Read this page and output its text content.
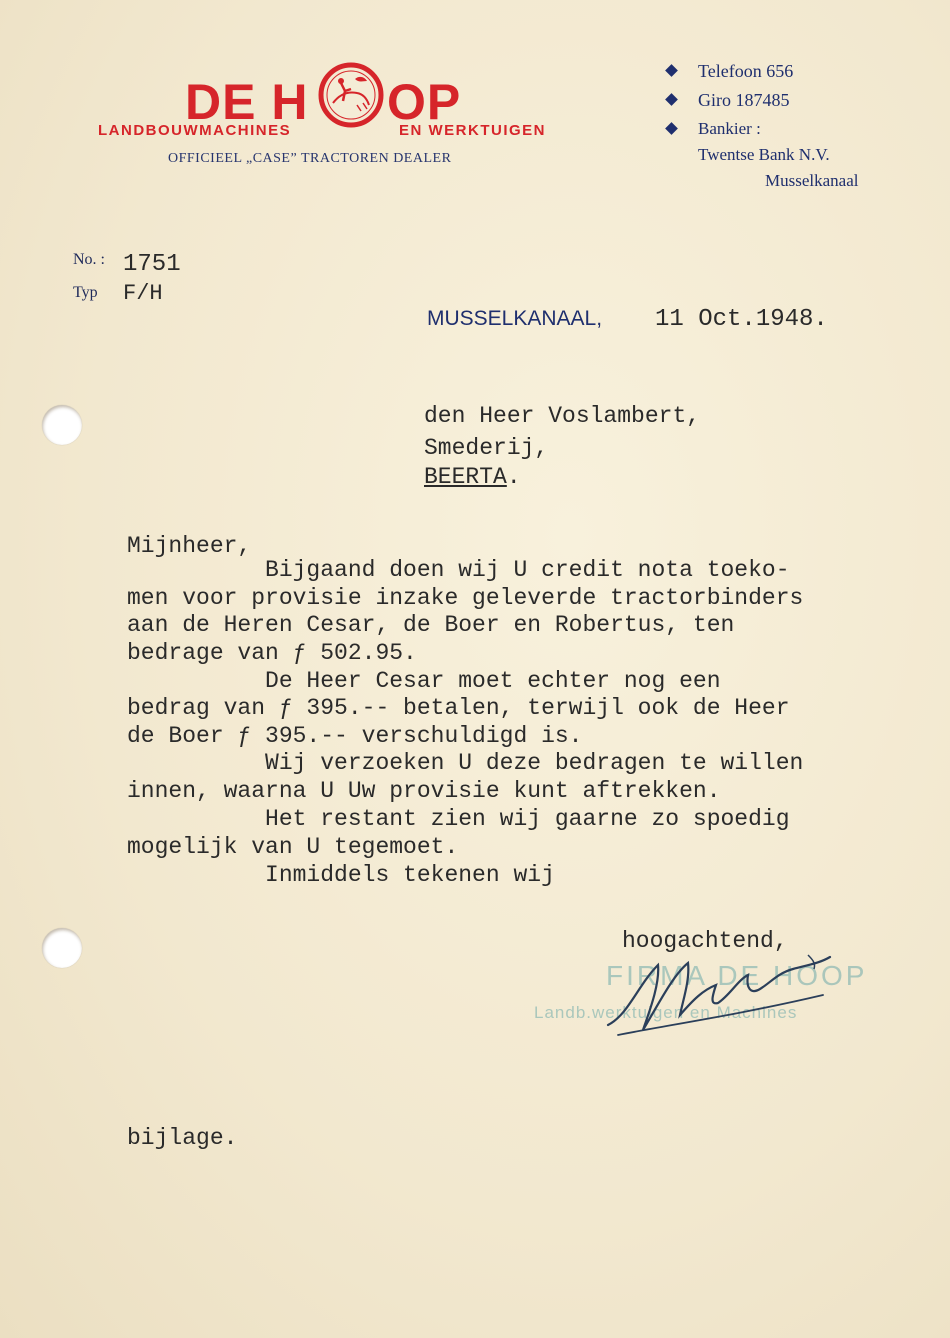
DE H OP
LANDBOUWMACHINES	EN WERKTUIGEN
OFFICIEEL „CASE” TRACTOREN DEALER
Telefoon 656
Giro 187485
Bankier :
Twentse Bank N.V.
Musselkanaal
No. : 1751
Typ F/H
MUSSELKANAAL, 11 Oct.1948.
den Heer Voslambert,
Smederij,
BEERTA.
Mijnheer,
Bijgaand doen wij U credit nota toeko-
men voor provisie inzake geleverde tractorbinders
aan de Heren Cesar, de Boer en Robertus, ten
bedrage van ƒ 502.95.
De Heer Cesar moet echter nog een
bedrag van ƒ 395.-- betalen, terwijl ook de Heer
de Boer ƒ 395.-- verschuldigd is.
Wij verzoeken U deze bedragen te willen
innen, waarna U Uw provisie kunt aftrekken.
Het restant zien wij gaarne zo spoedig
mogelijk van U tegemoet.
Inmiddels tekenen wij
hoogachtend,
FIRMA DE HOOP
Landb.werktuigen en Machines
bijlage.
